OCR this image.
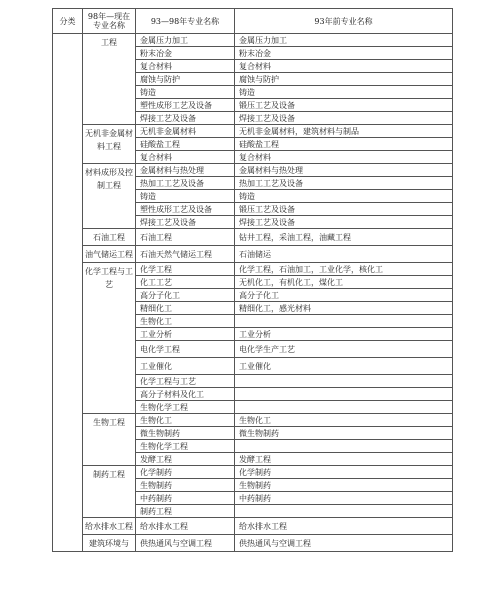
分类	98年—现在专业名称	93—98年专业名称	93年前专业名称
	工程	金属压力加工	金属压力加工
		粉末冶金	粉末冶金
		复合材料	复合材料
		腐蚀与防护	腐蚀与防护
		铸造	铸造
		塑性成形工艺及设备	锻压工艺及设备
		焊接工艺及设备	焊接工艺及设备
	无机非金属材料工程	无机非金属材料	无机非金属材料，建筑材料与制品
		硅酸盐工程	硅酸盐工程
		复合材料	复合材料
	材料成形及控制工程	金属材料与热处理	金属材料与热处理
		热加工工艺及设备	热加工工艺及设备
		铸造	铸造
		塑性成形工艺及设备	锻压工艺及设备
		焊接工艺及设备	焊接工艺及设备
	石油工程	石油工程	钻井工程，采油工程，油藏工程
	油气储运工程	石油天然气储运工程	石油储运
	化学工程与工艺	化学工程	化学工程，石油加工，工业化学，核化工
		化工工艺	无机化工，有机化工，煤化工
		高分子化工	高分子化工
		精细化工	精细化工，感光材料
		生物化工	
		工业分析	工业分析
		电化学工程	电化学生产工艺
		工业催化	工业催化
		化学工程与工艺	
		高分子材料及化工	
		生物化学工程	
	生物工程	生物化工	生物化工
		微生物制药	微生物制药
		生物化学工程	
		发酵工程	发酵工程
	制药工程	化学制药	化学制药
		生物制药	生物制药
		中药制药	中药制药
		制药工程	
	给水排水工程	给水排水工程	给水排水工程
	建筑环境与	供热通风与空调工程	供热通风与空调工程
